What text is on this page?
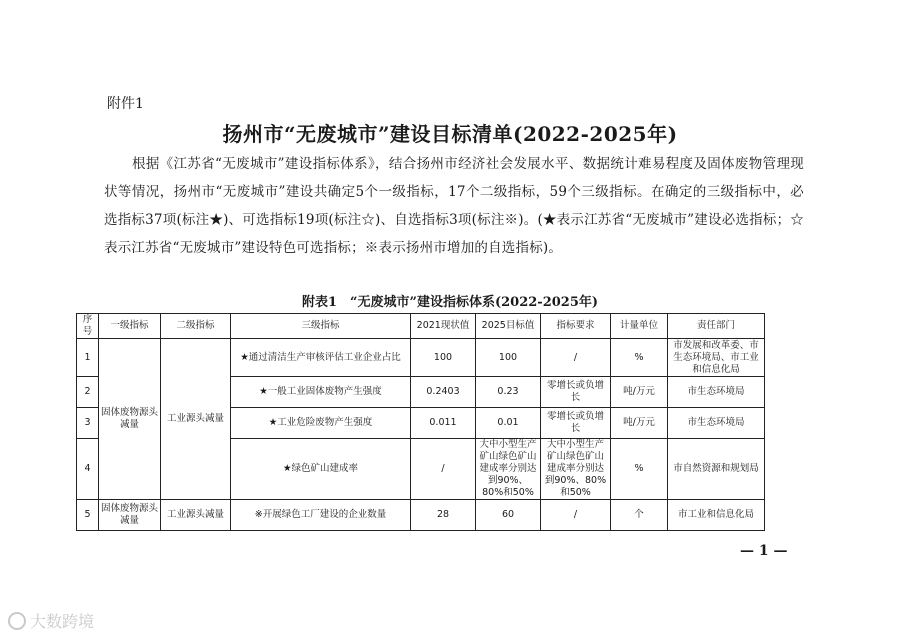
附件1
扬州市“无废城市”建设目标清单(2022-2025年)
根据《江苏省“无废城市”建设指标体系》，结合扬州市经济社会发展水平、数据统计难易程度及固体废物管理现状等情况，扬州市“无废城市”建设共确定5个一级指标，17个二级指标，59个三级指标。在确定的三级指标中，必选指标37项(标注★)、可选指标19项(标注☆)、自选指标3项(标注※)。(★表示江苏省“无废城市”建设必选指标；☆表示江苏省“无废城市”建设特色可选指标；※表示扬州市增加的自选指标)。
附表1　“无废城市”建设指标体系(2022-2025年)
序号	一级指标	二级指标	三级指标	2021现状值	2025目标值	指标要求	计量单位	责任部门
1	固体废物源头减量	工业源头减量	★通过清洁生产审核评估工业企业占比	100	100	/	%	市发展和改革委、市生态环境局、市工业和信息化局
2			★一般工业固体废物产生强度	0.2403	0.23	零增长或负增长	吨/万元	市生态环境局
3			★工业危险废物产生强度	0.011	0.01	零增长或负增长	吨/万元	市生态环境局
4			★绿色矿山建成率	/	大中小型生产矿山绿色矿山建成率分别达到90%、80%和50%	大中小型生产矿山绿色矿山建成率分别达到90%、80%和50%	%	市自然资源和规划局
5	固体废物源头减量	工业源头减量	※开展绿色工厂建设的企业数量	28	60	/	个	市工业和信息化局
— 1 —
大数跨境
